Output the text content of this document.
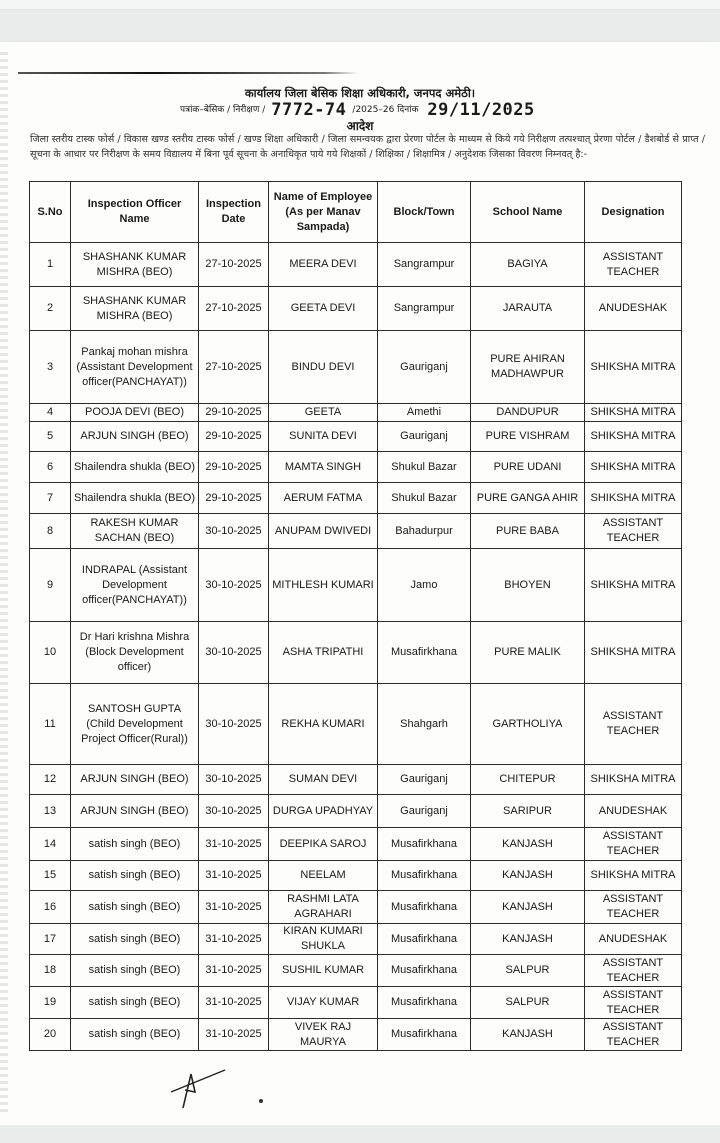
कार्यालय जिला बेसिक शिक्षा अधिकारी, जनपद अमेठी।
पत्रांक–बेसिक / निरीक्षण / 7772-74 /2025–26 दिनांक 29/11/2025
आदेश
जिला स्तरीय टास्क फोर्स / विकास खण्ड स्तरीय टास्क फोर्स / खण्ड शिक्षा अधिकारी / जिला समन्वयक द्वारा प्रेरणा पोर्टल के माध्यम से किये गये निरीक्षण तत्पश्चात् प्रेरणा पोर्टल / डैशबोर्ड से प्राप्त / सूचना के आधार पर निरीक्षण के समय विद्यालय में बिना पूर्व सूचना के अनाधिकृत पाये गये शिक्षकों / शिक्षिका / शिक्षामित्र / अनुदेशक जिसका विवरण निम्नवत् है:-
S.No	Inspection Officer Name	Inspection Date	Name of Employee (As per Manav Sampada)	Block/Town	School Name	Designation
1	SHASHANK KUMAR MISHRA (BEO)	27-10-2025	MEERA DEVI	Sangrampur	BAGIYA	ASSISTANT TEACHER
2	SHASHANK KUMAR MISHRA (BEO)	27-10-2025	GEETA DEVI	Sangrampur	JARAUTA	ANUDESHAK
3	Pankaj mohan mishra (Assistant Development officer(PANCHAYAT))	27-10-2025	BINDU DEVI	Gauriganj	PURE AHIRAN MADHAWPUR	SHIKSHA MITRA
4	POOJA DEVI (BEO)	29-10-2025	GEETA	Amethi	DANDUPUR	SHIKSHA MITRA
5	ARJUN SINGH (BEO)	29-10-2025	SUNITA DEVI	Gauriganj	PURE VISHRAM	SHIKSHA MITRA
6	Shailendra shukla (BEO)	29-10-2025	MAMTA SINGH	Shukul Bazar	PURE UDANI	SHIKSHA MITRA
7	Shailendra shukla (BEO)	29-10-2025	AERUM FATMA	Shukul Bazar	PURE GANGA AHIR	SHIKSHA MITRA
8	RAKESH KUMAR SACHAN (BEO)	30-10-2025	ANUPAM DWIVEDI	Bahadurpur	PURE BABA	ASSISTANT TEACHER
9	INDRAPAL (Assistant Development officer(PANCHAYAT))	30-10-2025	MITHLESH KUMARI	Jamo	BHOYEN	SHIKSHA MITRA
10	Dr Hari krishna Mishra (Block Development officer)	30-10-2025	ASHA TRIPATHI	Musafirkhana	PURE MALIK	SHIKSHA MITRA
11	SANTOSH GUPTA (Child Development Project Officer(Rural))	30-10-2025	REKHA KUMARI	Shahgarh	GARTHOLIYA	ASSISTANT TEACHER
12	ARJUN SINGH (BEO)	30-10-2025	SUMAN DEVI	Gauriganj	CHITEPUR	SHIKSHA MITRA
13	ARJUN SINGH (BEO)	30-10-2025	DURGA UPADHYAY	Gauriganj	SARIPUR	ANUDESHAK
14	satish singh (BEO)	31-10-2025	DEEPIKA SAROJ	Musafirkhana	KANJASH	ASSISTANT TEACHER
15	satish singh (BEO)	31-10-2025	NEELAM	Musafirkhana	KANJASH	SHIKSHA MITRA
16	satish singh (BEO)	31-10-2025	RASHMI LATA AGRAHARI	Musafirkhana	KANJASH	ASSISTANT TEACHER
17	satish singh (BEO)	31-10-2025	KIRAN KUMARI SHUKLA	Musafirkhana	KANJASH	ANUDESHAK
18	satish singh (BEO)	31-10-2025	SUSHIL KUMAR	Musafirkhana	SALPUR	ASSISTANT TEACHER
19	satish singh (BEO)	31-10-2025	VIJAY KUMAR	Musafirkhana	SALPUR	ASSISTANT TEACHER
20	satish singh (BEO)	31-10-2025	VIVEK RAJ MAURYA	Musafirkhana	KANJASH	ASSISTANT TEACHER
